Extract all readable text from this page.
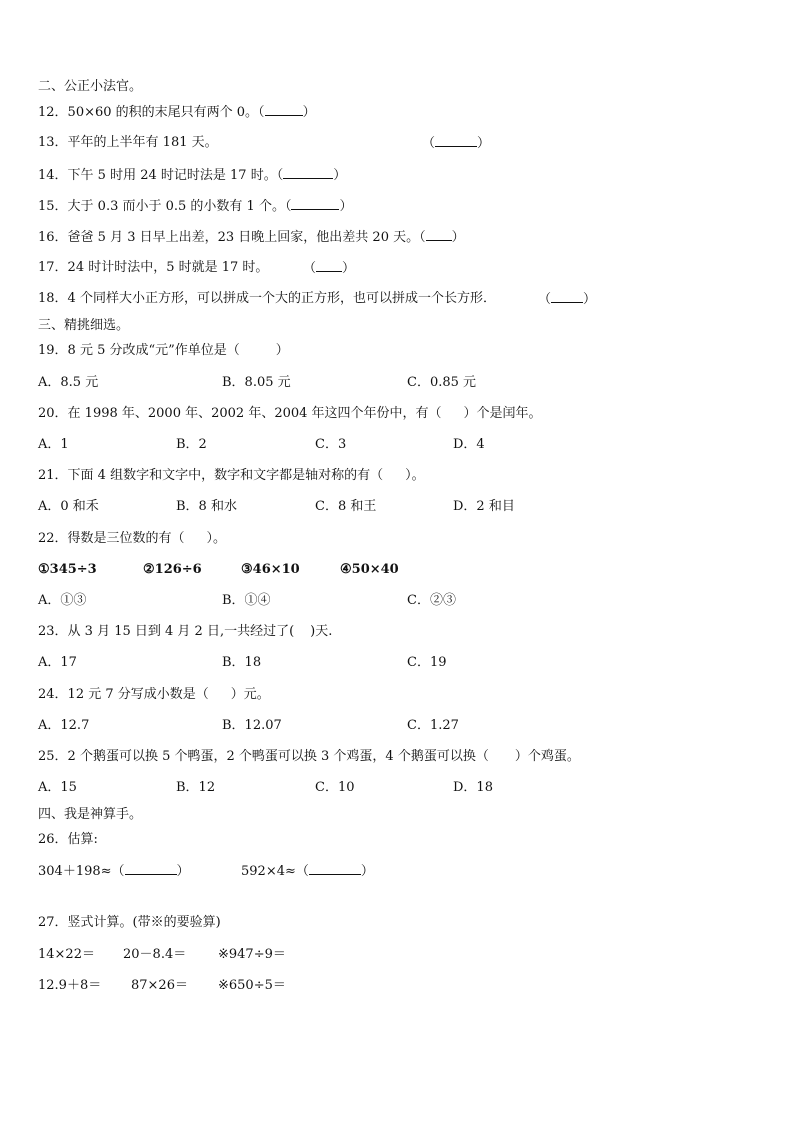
二、公正小法官。
12．50×60 的积的末尾只有两个 0。（	）
13．平年的上半年有 181 天。	（	）
14．下午 5 时用 24 时记时法是 17 时。（	）
15．大于 0.3 而小于 0.5 的小数有 1 个。（	）
16．爸爸 5 月 3 日早上出差，23 日晚上回家，他出差共 20 天。（ ）
17．24 时计时法中，5 时就是 17 时。	（ ）
18．4 个同样大小正方形，可以拼成一个大的正方形，也可以拼成一个长方形．	（ ）
三、精挑细选。
19．8 元 5 分改成“元”作单位是（	）
A．8.5 元	B．8.05 元	C．0.85 元
20．在 1998 年、2000 年、2002 年、2004 年这四个年份中，有（ ）个是闰年。
A．1	B．2	C．3	D．4
21．下面 4 组数字和文字中，数字和文字都是轴对称的有（ ）。
A．0 和禾	B．8 和水	C．8 和王	D．2 和目
22．得数是三位数的有（ ）。
①345÷3	②126÷6	③46×10	④50×40
A．①③	B．①④	C．②③
23．从 3 月 15 日到 4 月 2 日,一共经过了( )天.
A．17	B．18	C．19
24．12 元 7 分写成小数是（ ）元。
A．12.7	B．12.07	C．1.27
25．2 个鹅蛋可以换 5 个鸭蛋，2 个鸭蛋可以换 3 个鸡蛋，4 个鹅蛋可以换（ ）个鸡蛋。
A．15	B．12	C．10	D．18
四、我是神算手。
26．估算:
304＋198≈（	）	592×4≈（	）
27．竖式计算。(带※的要验算)
14×22＝ 20－8.4＝ ※947÷9＝
12.9＋8＝ 87×26＝ ※650÷5＝
